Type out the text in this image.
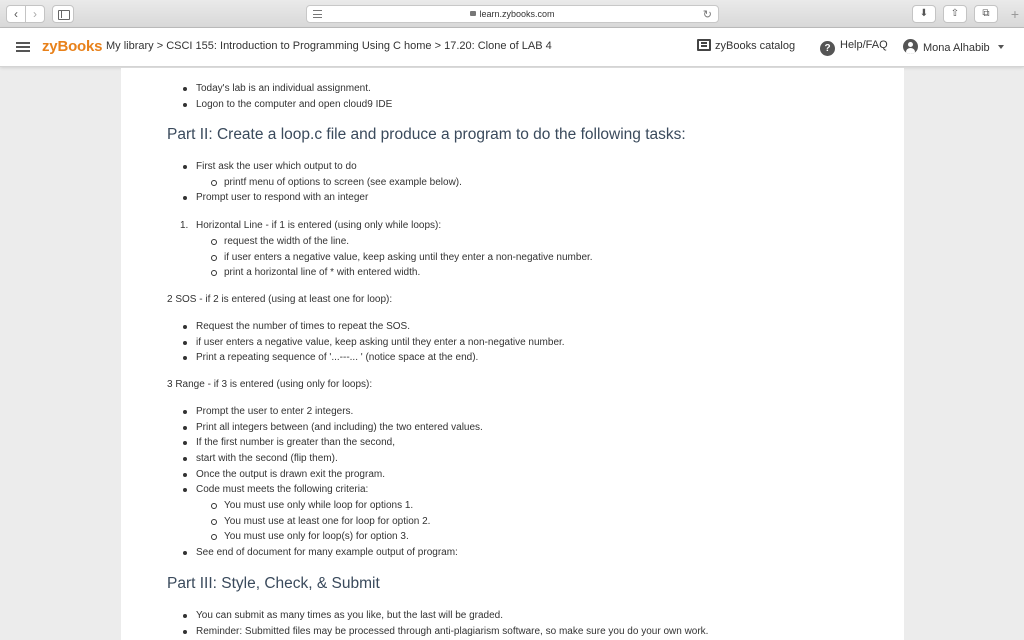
‹	›	learn.zybooks.com	↻	⬇	⇧	⧉	+
zyBooks My library > CSCI 155: Introduction to Programming Using C home > 17.20: Clone of LAB 4	zyBooks catalog	? Help/FAQ	Mona Alhabib
Today's lab is an individual assignment.
Logon to the computer and open cloud9 IDE
Part II: Create a loop.c file and produce a program to do the following tasks:
First ask the user which output to do
printf menu of options to screen (see example below).
Prompt user to respond with an integer
1. Horizontal Line - if 1 is entered (using only while loops):
request the width of the line.
if user enters a negative value, keep asking until they enter a non-negative number.
print a horizontal line of * with entered width.
2 SOS - if 2 is entered (using at least one for loop):
Request the number of times to repeat the SOS.
if user enters a negative value, keep asking until they enter a non-negative number.
Print a repeating sequence of '...---... ' (notice space at the end).
3 Range - if 3 is entered (using only for loops):
Prompt the user to enter 2 integers.
Print all integers between (and including) the two entered values.
If the first number is greater than the second,
start with the second (flip them).
Once the output is drawn exit the program.
Code must meets the following criteria:
You must use only while loop for options 1.
You must use at least one for loop for option 2.
You must use only for loop(s) for option 3.
See end of document for many example output of program:
Part III: Style, Check, & Submit
You can submit as many times as you like, but the last will be graded.
Reminder: Submitted files may be processed through anti-plagiarism software, so make sure you do your own work.
